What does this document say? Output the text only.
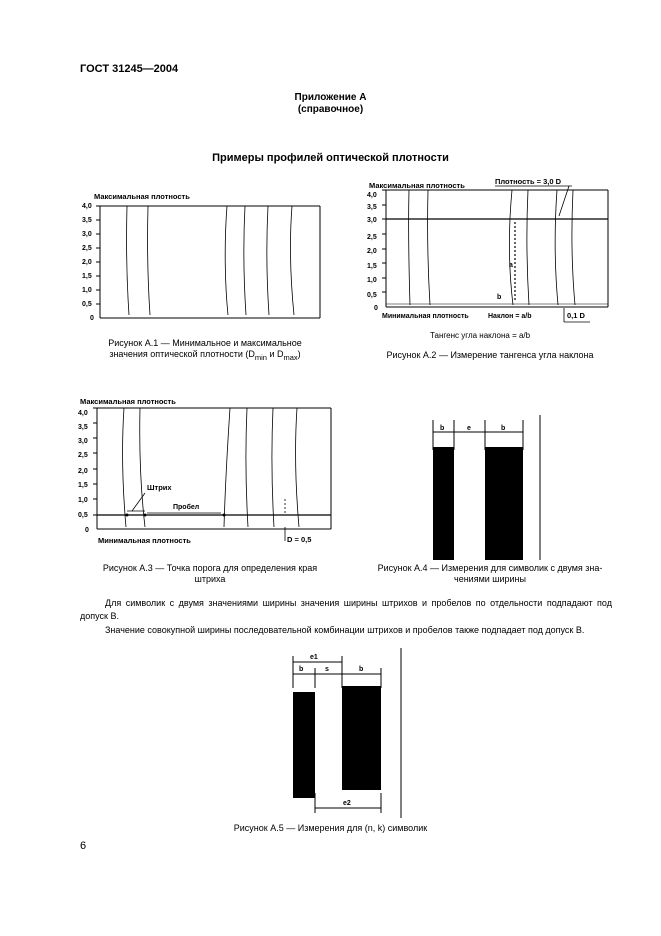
ГОСТ 31245—2004
Приложение А
(справочное)
Примеры профилей оптической плотности
Максимальная плотность
4,0
3,5
3,0
2,5
2,0
1,5
1,0
0,5
0
Рисунок А.1 — Минимальное и максимальное
значения оптической плотности ($D_{min}$ и $D_{max}$)
Максимальная плотность	Плотность = 3,0 D
4,0
3,5
3,0
2,5
2,0
1,5
1,0
0,5
0
a
b
Минимальная плотность	Наклон = a/b	0,1 D
Тангенс угла наклона = a/b
Рисунок А.2 — Измерение тангенса угла наклона
Максимальная плотность
4,0
3,5
3,0
2,5
2,0
1,5
1,0
0,5
0
Штрих
Пробел
Минимальная плотность	D = 0,5
Рисунок А.3 — Точка порога для определения края
штриха
b	e	b
Рисунок А.4 — Измерения для символик с двумя зна-
чениями ширины
Для символик с двумя значениями ширины значения ширины штрихов и пробелов по отдельности подпадают под допуск В.
Значение совокупной ширины последовательной комбинации штрихов и пробелов также подпадает под допуск В.
e1
b	s	b
e2
Рисунок А.5 — Измерения для (n, k) символик
6
